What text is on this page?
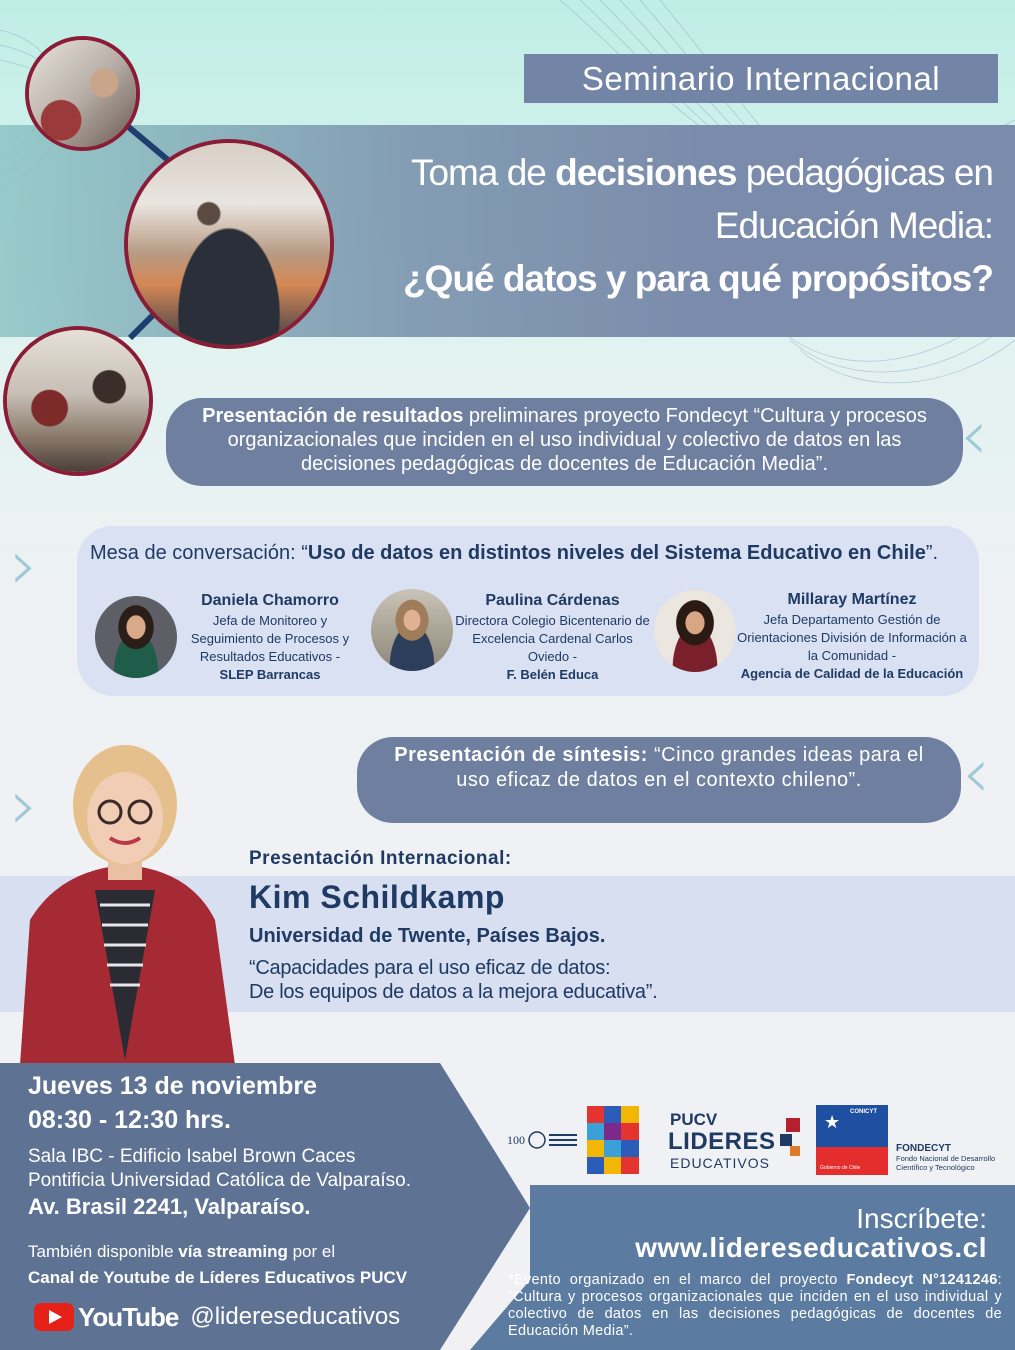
Seminario Internacional
Toma de decisiones pedagógicas en
Educación Media:
¿Qué datos y para qué propósitos?
Presentación de resultados preliminares proyecto Fondecyt “Cultura y procesos organizacionales que inciden en el uso individual y colectivo de datos en las decisiones pedagógicas de docentes de Educación Media”.	‹
›	Mesa de conversación: “Uso de datos en distintos niveles del Sistema Educativo en Chile”.
Daniela Chamorro
Jefa de Monitoreo y Seguimiento de Procesos y Resultados Educativos -
SLEP Barrancas
Paulina Cárdenas
Directora Colegio Bicentenario de Excelencia Cardenal Carlos Oviedo -
F. Belén Educa
Millaray Martínez
Jefa Departamento Gestión de Orientaciones División de Información a la Comunidad -
Agencia de Calidad de la Educación
›
Presentación de síntesis: “Cinco grandes ideas para el uso eficaz de datos en el contexto chileno”.	‹
Presentación Internacional:
Kim Schildkamp
Universidad de Twente, Países Bajos.
“Capacidades para el uso eficaz de datos:
De los equipos de datos a la mejora educativa”.
Jueves 13 de noviembre
08:30 - 12:30 hrs.
Sala IBC - Edificio Isabel Brown Caces
Pontificia Universidad Católica de Valparaíso.
Av. Brasil 2241, Valparaíso.
También disponible vía streaming por el
Canal de Youtube de Líderes Educativos PUCV
YouTube @lidereseducativos
100
PUCV
LIDERES
EDUCATIVOS
CONICYT
Gobierno de Chile
★
FONDECYT
Fondo Nacional de Desarrollo
Científico y Tecnológico
Inscríbete:
www.lidereseducativos.cl
*Evento organizado en el marco del proyecto Fondecyt N°1241246: “Cultura y procesos organizacionales que inciden en el uso individual y colectivo de datos en las decisiones pedagógicas de docentes de Educación Media”.
